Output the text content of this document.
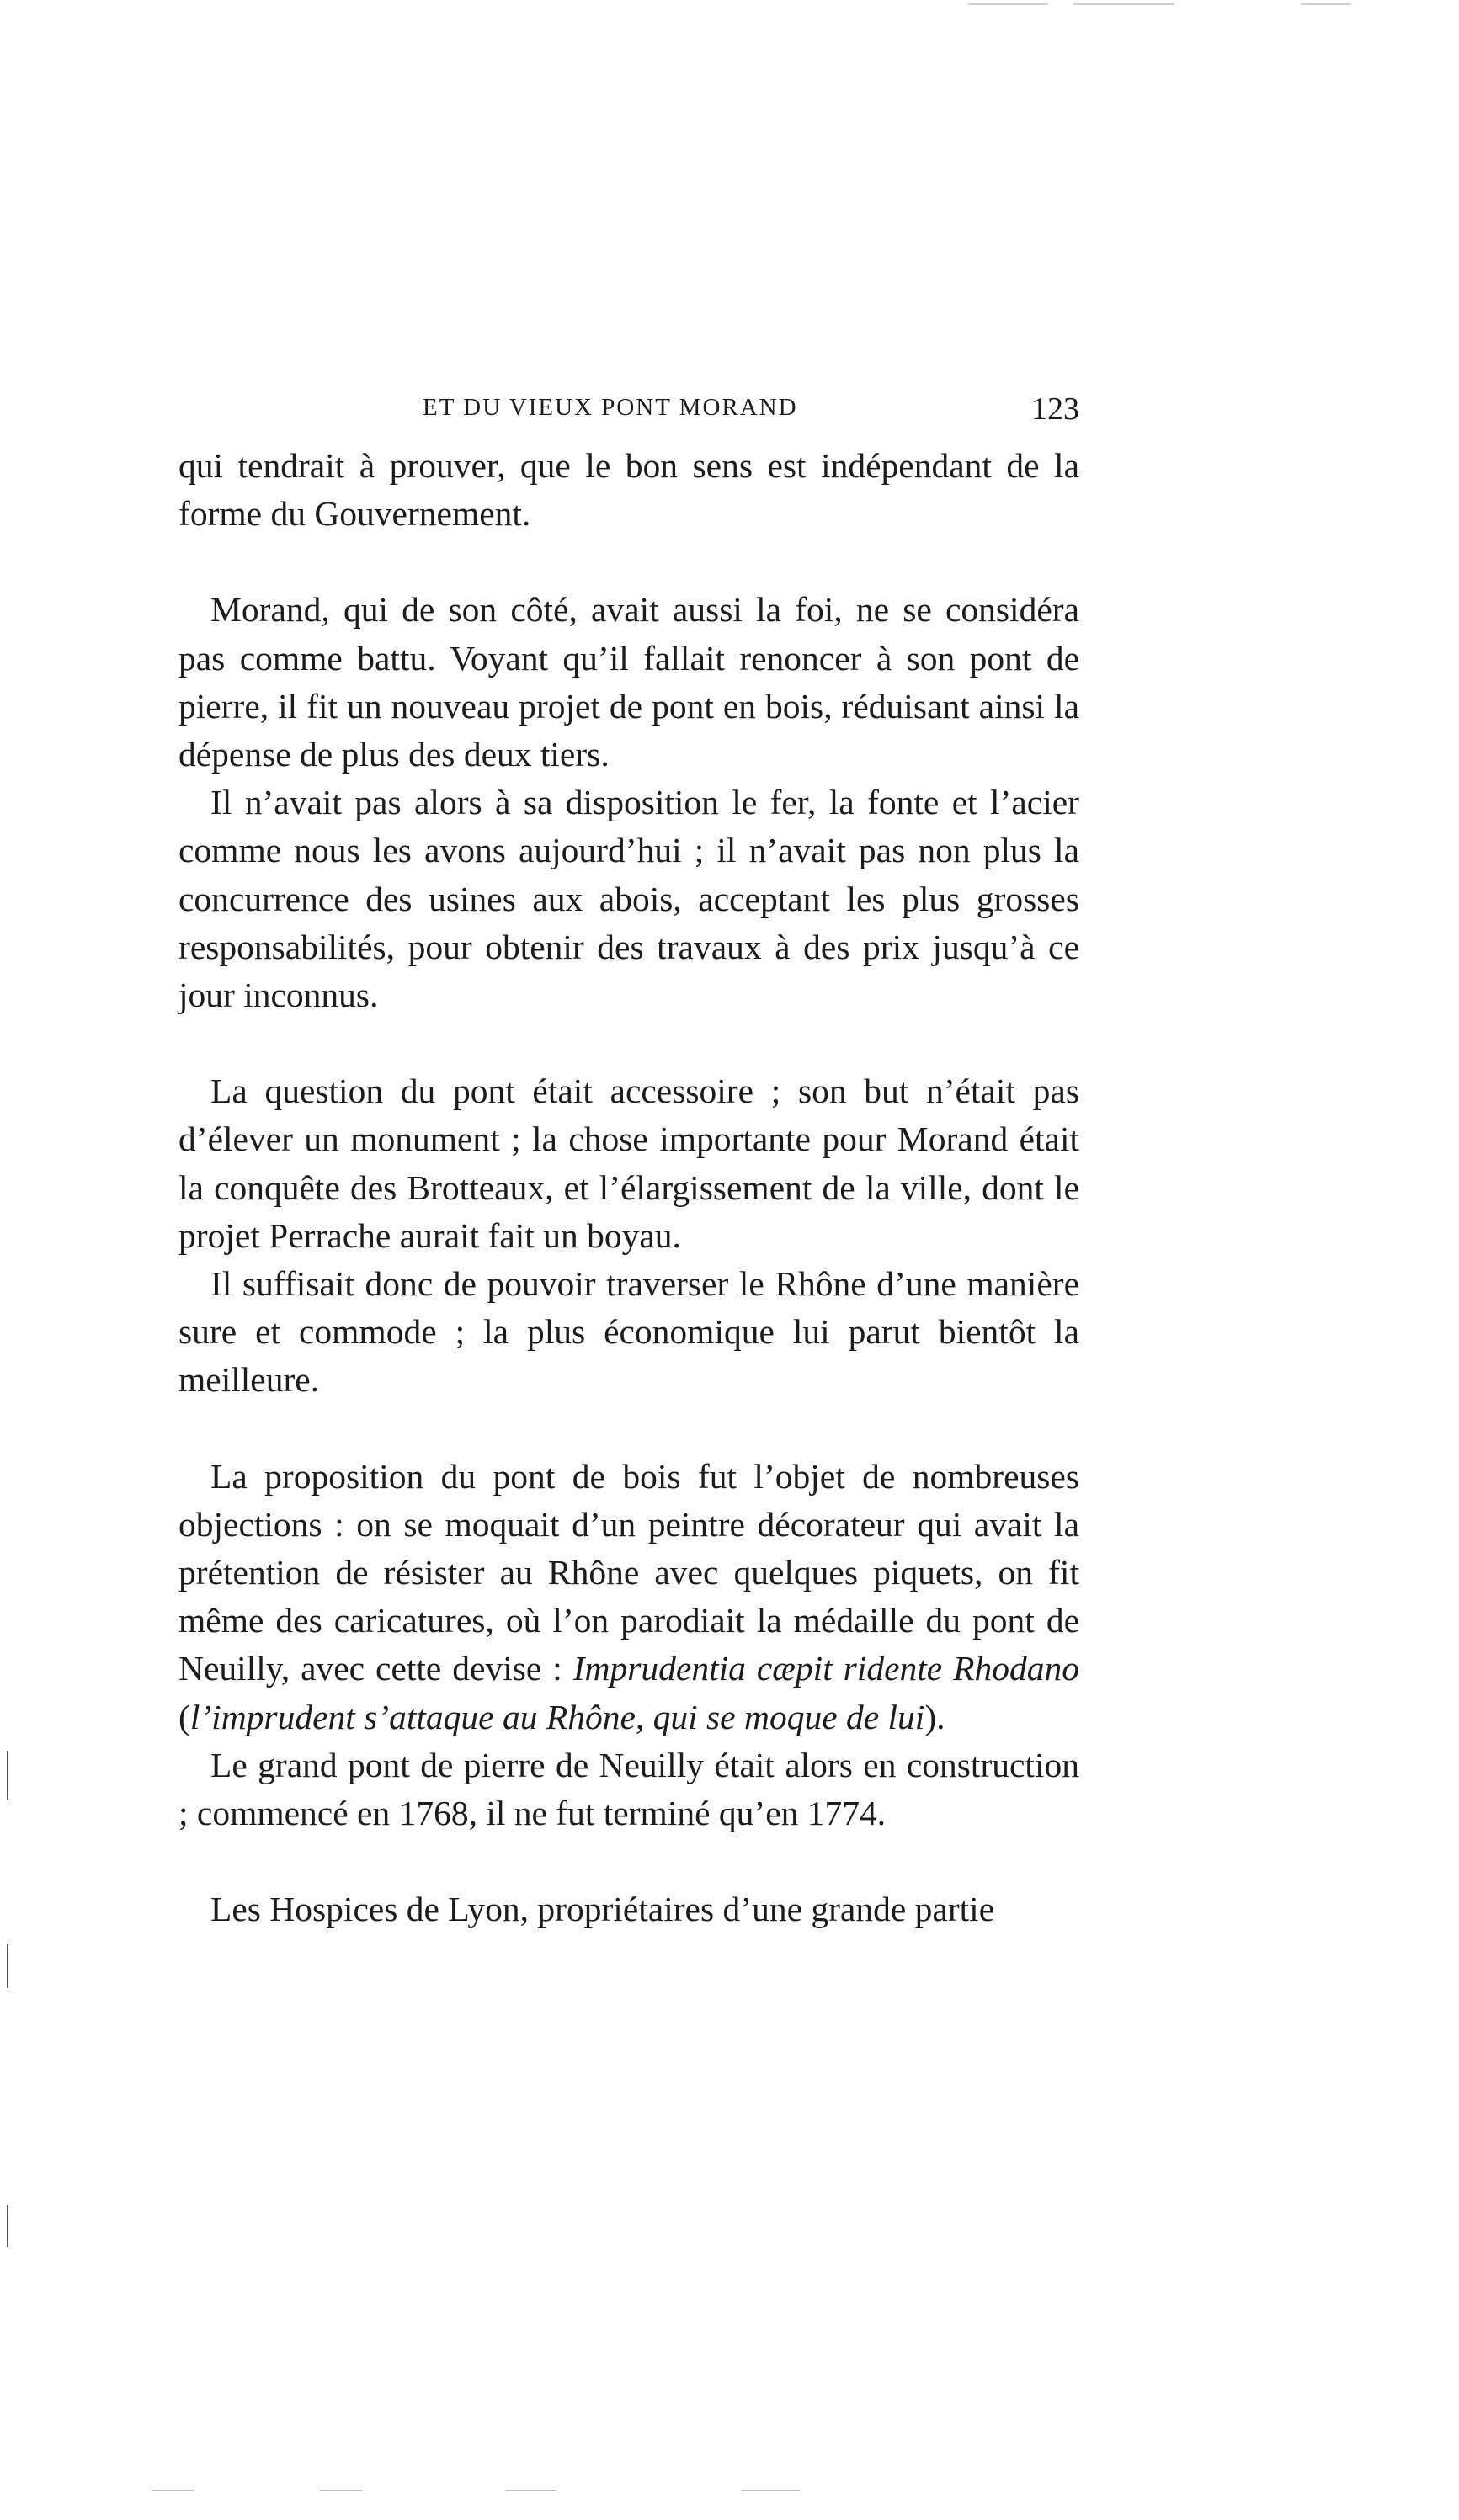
ET DU VIEUX PONT MORAND	123

qui tendrait à prouver, que le bon sens est indépendant de la forme du Gouvernement.

Morand, qui de son côté, avait aussi la foi, ne se considéra pas comme battu. Voyant qu’il fallait renoncer à son pont de pierre, il fit un nouveau projet de pont en bois, réduisant ainsi la dépense de plus des deux tiers.

Il n’avait pas alors à sa disposition le fer, la fonte et l’acier comme nous les avons aujourd’hui ; il n’avait pas non plus la concurrence des usines aux abois, acceptant les plus grosses responsabilités, pour obtenir des travaux à des prix jusqu’à ce jour inconnus.

La question du pont était accessoire ; son but n’était pas d’élever un monument ; la chose importante pour Morand était la conquête des Brotteaux, et l’élargissement de la ville, dont le projet Perrache aurait fait un boyau.

Il suffisait donc de pouvoir traverser le Rhône d’une manière sure et commode ; la plus économique lui parut bientôt la meilleure.

La proposition du pont de bois fut l’objet de nombreuses objections : on se moquait d’un peintre décorateur qui avait la prétention de résister au Rhône avec quelques piquets, on fit même des caricatures, où l’on parodiait la médaille du pont de Neuilly, avec cette devise : Imprudentia cæpit ridente Rhodano (l’imprudent s’attaque au Rhône, qui se moque de lui).

Le grand pont de pierre de Neuilly était alors en construction ; commencé en 1768, il ne fut terminé qu’en 1774.

Les Hospices de Lyon, propriétaires d’une grande partie
